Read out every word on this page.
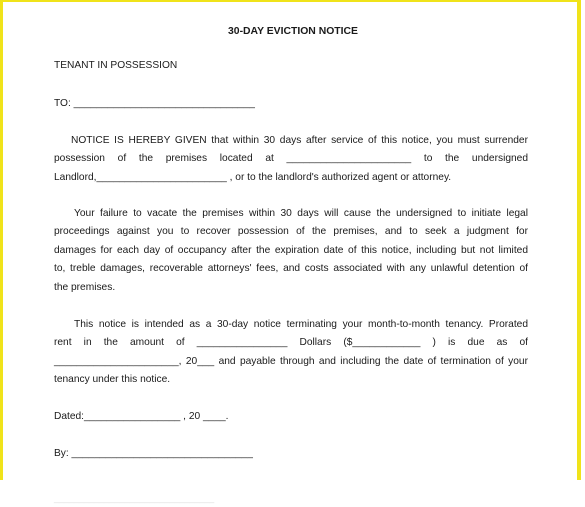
30-DAY EVICTION NOTICE
TENANT IN POSSESSION
TO: ________________________________
NOTICE IS HEREBY GIVEN that within 30 days after service of this notice, you must surrender
possession of the premises located at ______________________ to the undersigned
Landlord,_______________________ , or to the landlord's authorized agent or attorney.
Your failure to vacate the premises within 30 days will cause the undersigned to initiate legal
proceedings against you to recover possession of the premises, and to seek a judgment for
damages for each day of occupancy after the expiration date of this notice, including but not limited
to, treble damages, recoverable attorneys' fees, and costs associated with any unlawful detention of
the premises.
This notice is intended as a 30-day notice terminating your month-to-month tenancy. Prorated
rent in the amount of ________________ Dollars ($____________ ) is due as of
______________________, 20___ and payable through and including the date of termination of your
tenancy under this notice.
Dated:_________________ , 20 ____.
By: ________________________________
________________________________
